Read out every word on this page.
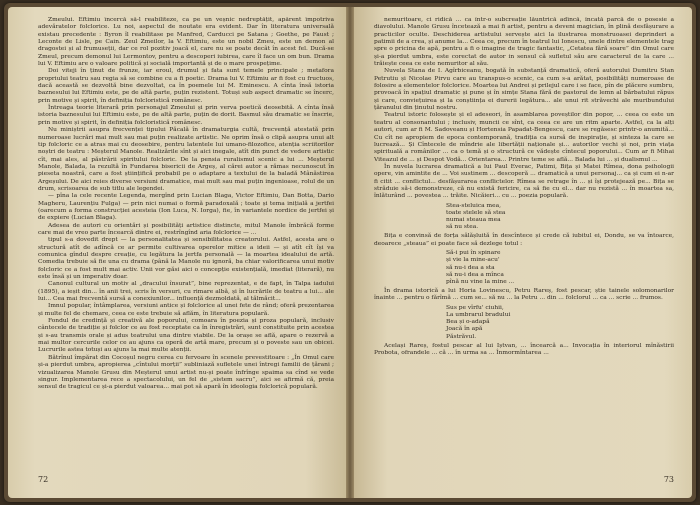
Zmeului. Eftimiu încercă să-l reabiliteze, ca pe un veșnic nedreptățit, apărent împotriva adevăratelor folclorice. Lu noi, aspectul de noutate era evident. Dar în literatura universală existau precedente : Byron îl reabilitase pe Manfred, Carducci pe Satana ; Goethe, pe Faust ; Leconte de Lisle, pe Cain. Zeul Zmeilor, la V. Eftimiu, este un nobil Zmeu, este un demon al dragostei și al frumuseții, dar ce rol pozitiv joacă el, care nu se poate decât în acest fel. Ducă-se Zmeul, precum demonul lui Lermontov, pentru a descoperi iubirea, care îl face un om bun. Drama lui V. Eftimiu are o valoare politică și socială importantă și de o mare prospețime.

Doi viteji în ținut de frunze, iar eroul, drumul și fata sunt temele principale ; metafora propriului teatru sau regia să se combine cu a fi poetic. Drama lui V. Eftimiu ar fi fost cu fructuos, dacă această se dezvoltă bine dezvoltat, ca în poemele lui M. Eminescu. A cînta însă istoria baznesului lui Eftimiu este, pe de altă parte, puțin rezistent. Totuși sub aspect dramatic se încerc, prin motive și spirit, în definiția folcloristică românesc.

Întreaga teorie literară prin personajul Zmeului și prin verva poetică deosebită. A cînta însă istoria baznesului lui Eftimiu este, pe de altă parte, puțin de dorit. Basmul său dramatic se înscrie, prin motive și spirit, în definiția folcloristică românesc.

Nu miniștrii asupra frecvenței tipului Păcală în dramaturgia cultă, frecvență atestată prin numeroase lucrări mai mult sau mai puțin realizate artistic. Ne oprim însă o clipă asupra unui alt tip folcloric ce a atras mai cu deosebire, pentru latentele lui umano-filozofice, atenția scriitorilor noștri de teatru : Meșterul Manole. Realizările sînt și aici inegale, atît din punct de vedere artistic cît, mai ales, al păstrării spiritului folcloric. De la pensia ruralismul scenic a lui ... Meșterul Manole, Balada, la rezultă în Fundarea bisericii de Argeș, al cărei autor a rămas necunoscut în pieseta noastră, care a fost științifică probabil pe o adaptare a textului de la baladă Mânăstirea Argeșului. De aici reies diverse versiuni dramatice, mai mult sau mai puțin ingenioase, rolul de un drum, scrisoarea de sub titlu ale legendei.

— pîna la cele recente Legenda, mergînd prin Lucian Blaga, Victor Eftimiu, Dan Botta, Dario Magheru, Laurențiu Fulga) — prin nici numai o formă paradoxală ; toate și tema inițială a jertfei (oarecum a forma construcției acesteia (Ion Luca, N. Iorga), fie, în variantele nordice de jertfei și de expiere (Lucian Blaga).

Adesea de autori cu orientări și posibilități artistice distincte, mitul Manole îmbrăcă forme care mai de vreo parte încearcă dintre ei, restrîngînd aria folclorice — ...

tipul s-a dovedit drept — la personalitatea și sensibilitatea creatorului. Astfel, acesta are o structură atît de adîncă ce ar permite cultivarea operelor mitice a ideii — și atît cît își va comunica gîndul despre creație, cu legătura la jertfa personală — la moartea idealului de artă. Comedia trebuie să fie una cu drama (până la Manole nu ignoră, ba chiar valorificarea unui motiv folcloric ce a fost mult mai activ. Unii vor găsi aici o concepție existențială, imediat (literară), nu este însă și un imperativ doar.

Canonul cultural un motiv al „dracului însurat”, bine reprezentat, e de fapt, în Talpa iadului (1895), a ieșit din... în anii trei, scris în versuri, cu rimare albă, și în lucrările de teatru a lui... ale lui... Cea mai frecventă sursă a conexiunilor... influență dezmoldată, al tălmăcit...

Imnul popular, întâmplarea, versiuni antice și folclorice al unei fete de rând; oferă prezentarea și multe fel de chemare, ceea ce este trebuie să aflăm, în literatura populară.

Fondul de credință și creativă ale poporului, comoara în poezia și proza populară, inclusiv cântecele de tradiție și folclor ce au fost receptate ca în înregistrări, sunt constituite prin acestea și s-au transmis orale și adus teatrului una dintre viabile. De la orașe se află, apare o rezervă a mai multor cercurile celor ce au ajuns ca operă de artă mare, precum și o poveste sau un obicei. Lucrurile astea totuși au ajuns la mai multe atenții.

Bătrînul împărat din Cocoșul negru cerea cu fervoare în scenele prevestitoare : „În Omul care și-a pierdut umbra, apropierea „cîntului morții” subliniază sufletele unei întregi familii de țărani ; vizualizarea Manole Grusu din Meșterul unui artist nu-și poate înfrînge spaima sa cînd se vede singur. Implementarea rece a spectacolului, un fel de „sistem sacru”, aici se afirmă că, preia sensul de tragicul ce și-a pierdut valoarea... mai pot să apară în ideologia folclorică populară.

72

nemuritoare, ci ridică ... ca într-o subcreație lăuntrică adîncă, încată parcă de o posesie a diavolului. Manole Grusu încetează a mai fi artist, pentru a deveni magician, în plină desfășurare a practicilor oculte. Deschiderea artistului servește aici la ilustrarea monstruoasei deprinderi a patimii de a crea, și anume la... Ceea ce, precum în teatrul lui Ionescu, unele dintre elementele trag spre o pricina de apă, pentru a fi o imagine de tragic fantastic, „Cetatea fără soare” din Omul care și-a pierdut umbra, este corectat de autor in sensul că sufletul său are caracterul de la care ... trăiește ceea ce este nemuritor al său.

Nuvela Stana de I. Agîrbiceanu, bogată în substanță dramatică, oferă autorului Dumitru Stan Petrutiu și Nicolae Pirvu care au transpus-o scenic, ca cum s-a arătat, posibilități numeroase de folosire a elementelor folclorice. Moartea lui Andrei și prilejul care i se face, pîn de plăcere sumbru, provoacă în spațiul dramatic și pune și în simțe Stana fără de pastorul de lemn al bărbatului răpus și care, conviețuirea și la conștiința ei durerii legătura... ale unui rit străvechi ale muribundului țăranului din ținutul nostru.

Teatrul istoric folosește și el adeseori, în asamblarea poveștilor din popor, ... ceea ce este un teatru al consonantului ; inclusiv, muncii ce sînt, ca ceea ce are un ritm aparte. Astfel, ca la alți autori, cum ar fi M. Sadoveanu și Hortensia Papadat-Bengescu, care se regăsesc printr-o anumită... Cu cît ne apropiem de epoca contemporană, tradiția ca sursă de inspirație, și sinteza la care se lucrează... Și Cîntecele de mîndrie ale libertății naționale și... autorilor vechi și noi, prin viața spirituală a românilor ... ca o temă și o structură ce vădește cîntecul poporului... Cum ar fi Mihai Viteazul de ... și Despot Vodă... Orientarea... Printre teme se află... Balada lui ... și dualismul ...

În nuvela lucrarea dramatică a lui Paul Everac, Patimi, Bița și Matei Rîmea, dona psihologii opere, vin amintite de ... Voi sustinem ... descoperă ... dramatică a unui personaj... ca și cum ei n-ar fi citit ... conflictul... desfășurarea conflictelor. Rîmea se retrage în ... și își protejează pe... Bița se străduie să-i demonstreze, că nu există fericire, ca să fie cu el... dar nu rezistă ... în moartea sa, înlăturând ... povestea ... trăite. Nicăieri... cu ... poezia populară.

Stea-steluica mea,
toate stelele să stea
numai steaua mea
să nu stea.

Bița e convinsă de forța sălășluită în descîntece și crede că iubitul ei, Dondu, se va întoarce, deoarece „steaua” ei poate face să dezlege totul :

Să-i pui în spinare
și vie la mine-acu'
să nu-i dea a sta
să nu-i dea a mînca
pînă nu vine la mine ...

În drama istorică a lui Horia Lovinescu, Petru Rareș, fost pescar, știe tainele solomonarilor înainte ... pentru o fărîmă ... cum se... să nu ... la Petru ... din ... folclorul ... ca ... scrie ... frumos.

Sus pe vîrfu' ciuhii,
La umbrarul bradului
Bea și o-adapă
Joacă în apă
Păstrăvul.

Același Rareș, fostul pescar al lui Iștvan, ... încearcă a... Invocația în interiorul mînăstirii Probota, ofrandele ... că ... în urma sa ... Înmormîntarea ...

73
